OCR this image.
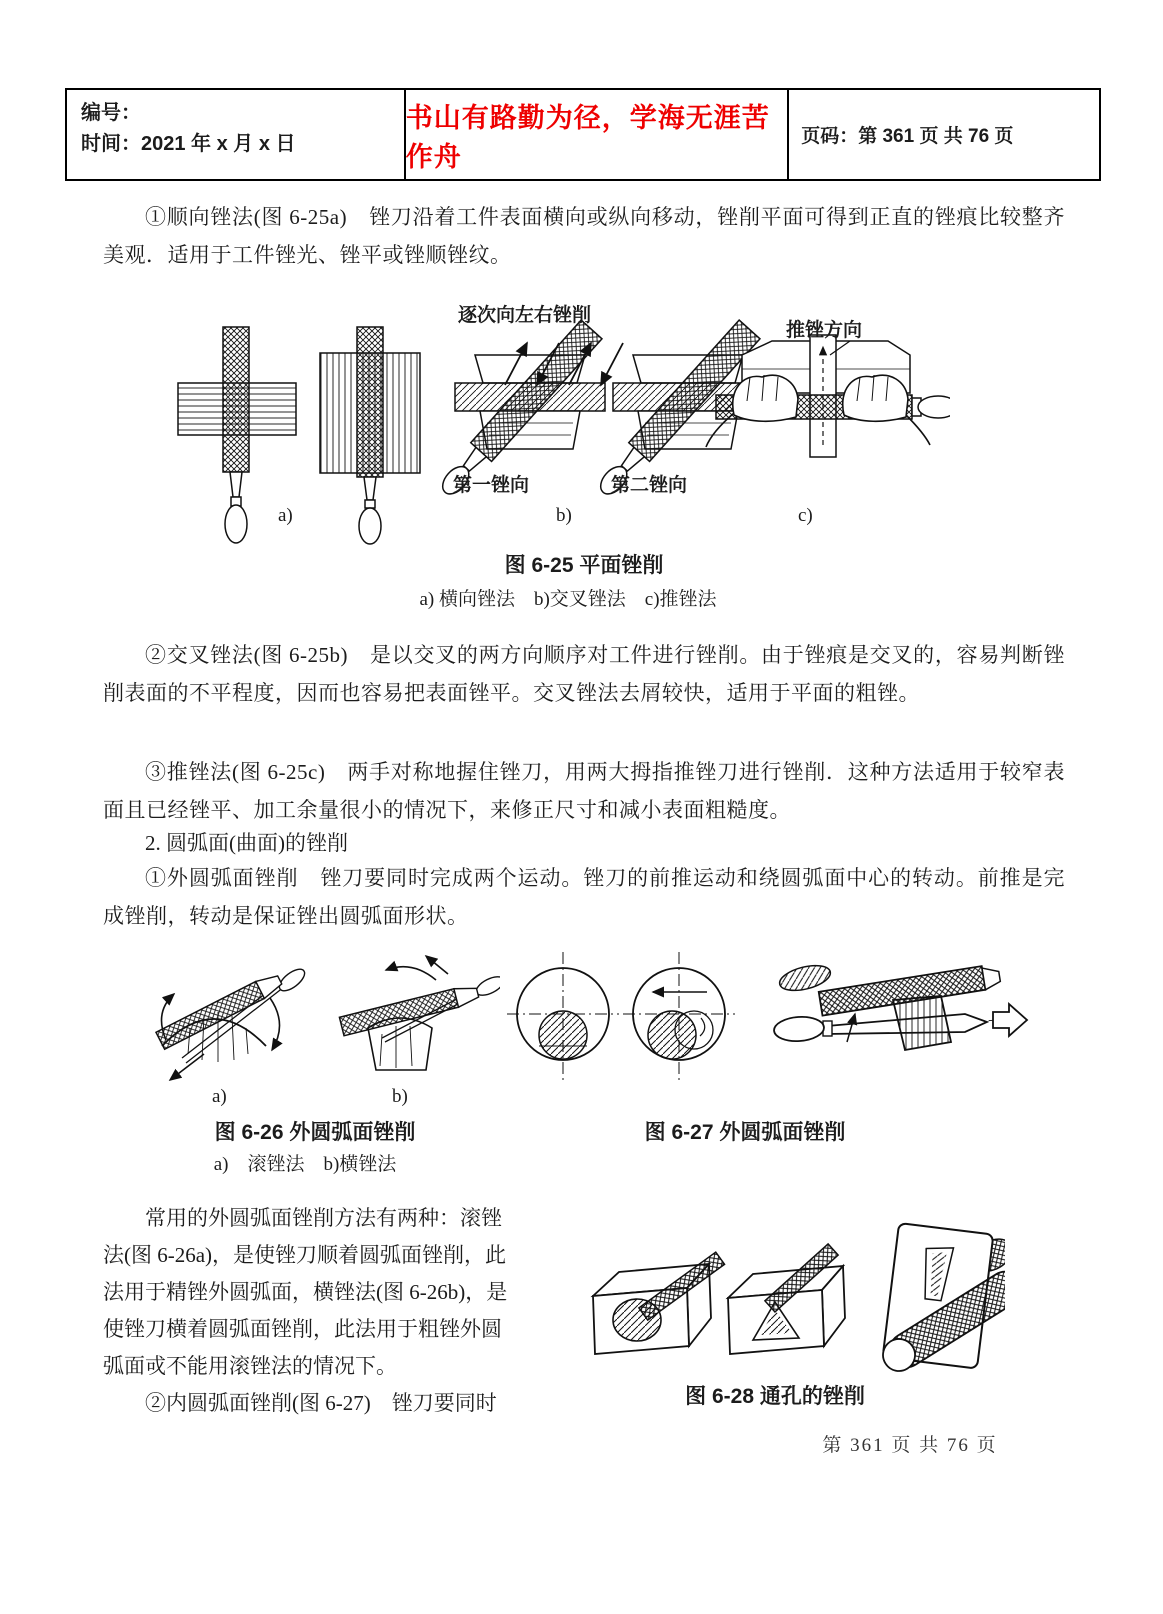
编号：
时间：2021 年 x 月 x 日
书山有路勤为径，学海无涯苦作舟
页码：第 361 页 共 76 页
①顺向锉法(图 6-25a)　锉刀沿着工件表面横向或纵向移动，锉削平面可得到正直的锉痕比较整齐美观．适用于工件锉光、锉平或锉顺锉纹。
逐次向左右锉削
推锉方向
第一锉向	第二锉向
a)	b)	c)
图 6-25 平面锉削
a) 横向锉法　b)交叉锉法　c)推锉法
②交叉锉法(图 6-25b)　是以交叉的两方向顺序对工件进行锉削。由于锉痕是交叉的，容易判断锉削表面的不平程度，因而也容易把表面锉平。交叉锉法去屑较快，适用于平面的粗锉。
③推锉法(图 6-25c)　两手对称地握住锉刀，用两大拇指推锉刀进行锉削．这种方法适用于较窄表面且已经锉平、加工余量很小的情况下，来修正尺寸和减小表面粗糙度。
2. 圆弧面(曲面)的锉削
①外圆弧面锉削　锉刀要同时完成两个运动。锉刀的前推运动和绕圆弧面中心的转动。前推是完成锉削，转动是保证锉出圆弧面形状。
a)	b)
图 6-26 外圆弧面锉削	图 6-27 外圆弧面锉削
a)　滚锉法　b)横锉法
常用的外圆弧面锉削方法有两种：滚锉
法(图 6-26a)，是使锉刀顺着圆弧面锉削，此
法用于精锉外圆弧面，横锉法(图 6-26b)，是
使锉刀横着圆弧面锉削，此法用于粗锉外圆
弧面戓不能用滚锉法的情况下。
②内圆弧面锉削(图 6-27)　锉刀要同时	图 6-28 通孔的锉削
第 361 页 共 76 页
